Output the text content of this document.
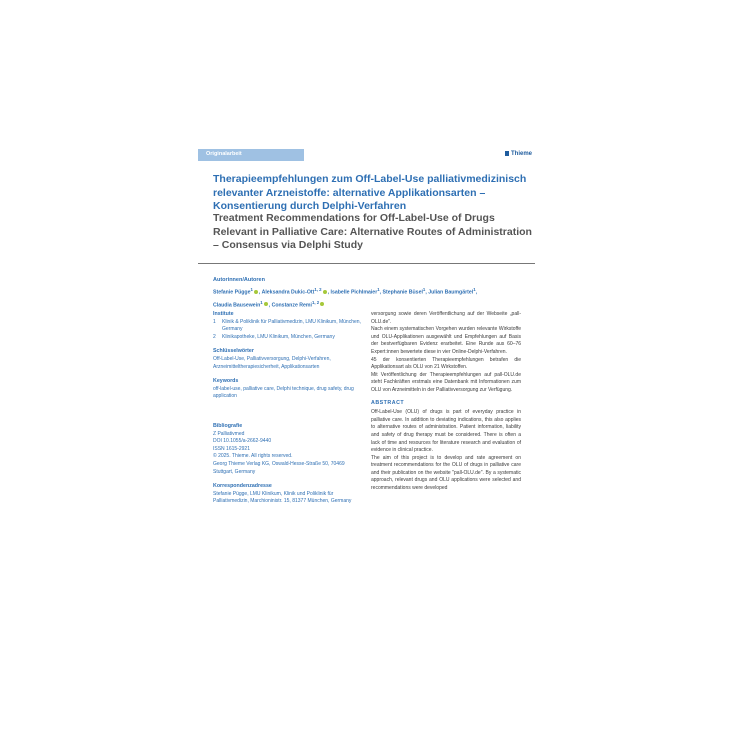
Originalarbeit	Thieme
Therapieempfehlungen zum Off-Label-Use palliativmedizinisch relevanter Arzneistoffe: alternative Applikationsarten – Konsentierung durch Delphi-Verfahren
Treatment Recommendations for Off-Label-Use of Drugs Relevant in Palliative Care: Alternative Routes of Administration – Consensus via Delphi Study
Autorinnen/Autoren
Stefanie Pügge$^1$, Aleksandra Dukic-Ott$^{1, 2}$, Isabelle Pichlmaier$^1$, Stephanie Büsel$^1$, Julian Baumgärtel$^1$,
Claudia Bausewein$^1$, Constanze Remi$^{1, 2}$
Institute
1	Klinik & Poliklinik für Palliativmedizin, LMU Klinikum, München, Germany
2	Klinikapotheke, LMU Klinikum, München, Germany
Schlüsselwörter
Off-Label-Use, Palliativversorgung, Delphi-Verfahren, Arzneimitteltherapiesicherheit, Applikationsarten
Keywords
off-label-use, palliative care, Delphi technique, drug safety, drug application
Bibliografie
Z Palliativmed
DOI 10.1055/a-2662-9440
ISSN 1615-2921
© 2025. Thieme. All rights reserved.
Georg Thieme Verlag KG, Oswald-Hesse-Straße 50, 70469 Stuttgart, Germany
Korrespondenzadresse
Stefanie Pügge, LMU Klinikum, Klinik und Poliklinik für Palliativmedizin, Marchioninistr. 15, 81377 München, Germany

versorgung sowie deren Veröffentlichung auf der Webseite „pall-OLU.de".

Nach einem systematischen Vorgehen wurden relevante Wirkstoffe und OLU-Applikationen ausgewählt und Empfehlungen auf Basis der bestverfügbaren Evidenz erarbeitet. Eine Runde aus 60–76 Expert:innen bewertete diese in vier Online-Delphi-Verfahren.

45 der konsentierten Therapieempfehlungen betrafen die Applikationsart als OLU von 21 Wirkstoffen.

Mit Veröffentlichung der Therapieempfehlungen auf pall-OLU.de steht Fachkräften erstmals eine Datenbank mit Informationen zum OLU von Arzneimitteln in der Palliativversorgung zur Verfügung.

ABSTRACT

Off-Label-Use (OLU) of drugs is part of everyday practice in palliative care. In addition to deviating indications, this also applies to alternative routes of administration. Patient information, liability and safety of drug therapy must be considered. There is often a lack of time and resources for literature research and evaluation of evidence in clinical practice.

The aim of this project is to develop and rate agreement on treatment recommendations for the OLU of drugs in palliative care and their publication on the website "pall-OLU.de". By a systematic approach, relevant drugs and OLU applications were selected and recommendations were developed
